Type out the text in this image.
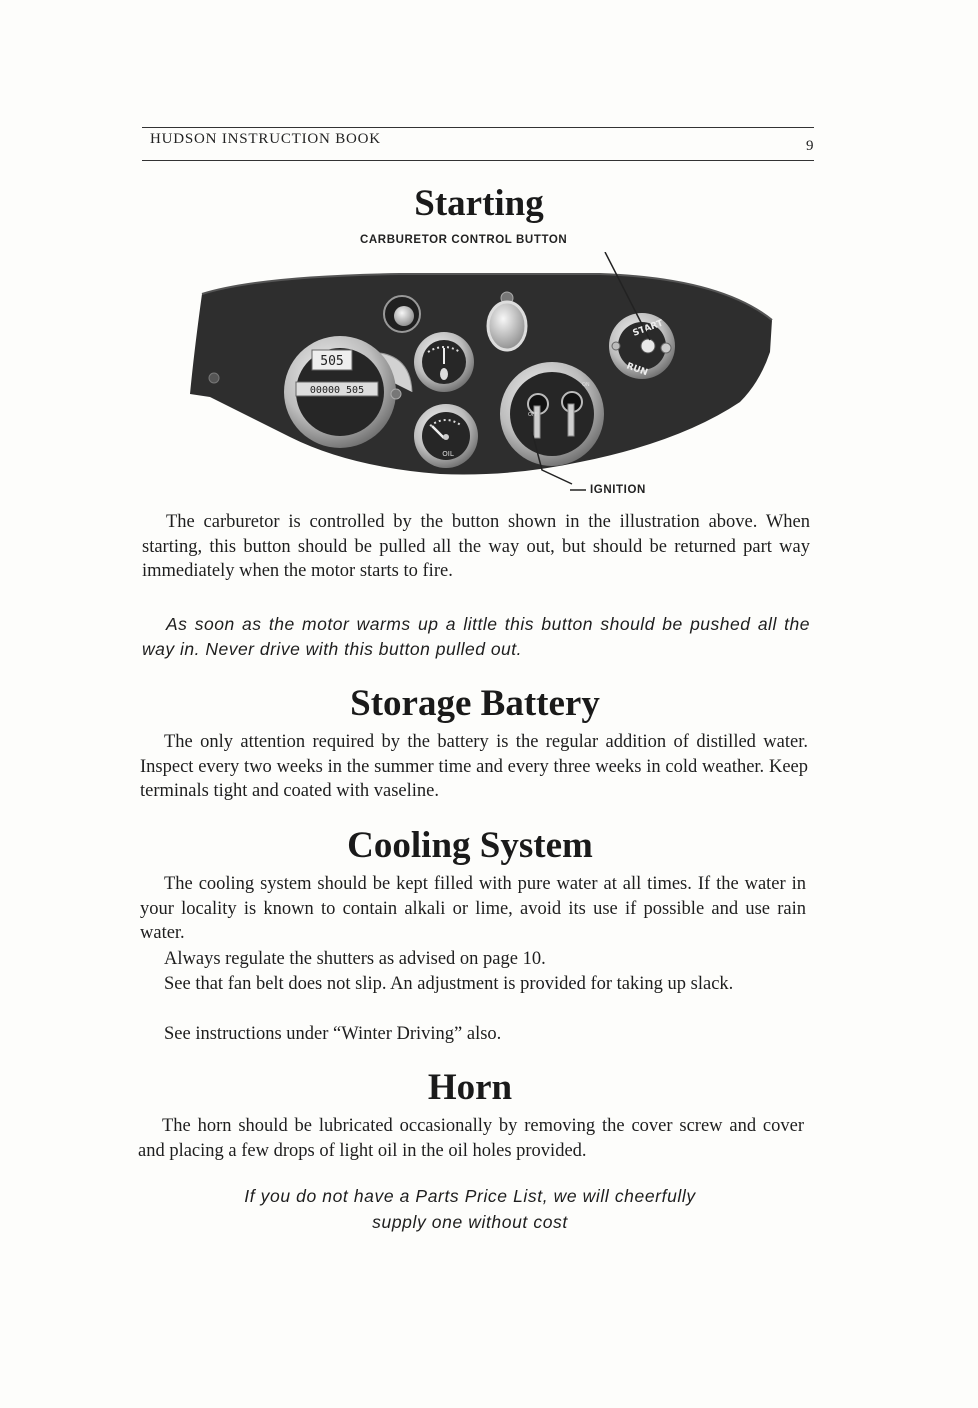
HUDSON INSTRUCTION BOOK	9
Starting
CARBURETOR CONTROL BUTTON
505
00000 505
OIL
OFF
ON
START
RUN
IGNITION

The carburetor is controlled by the button shown in the illustration above. When starting, this button should be pulled all the way out, but should be returned part way immediately when the motor starts to fire.

As soon as the motor warms up a little this button should be pushed all the way in. Never drive with this button pulled out.

Storage Battery

The only attention required by the battery is the regular addition of distilled water. Inspect every two weeks in the summer time and every three weeks in cold weather. Keep terminals tight and coated with vaseline.

Cooling System

The cooling system should be kept filled with pure water at all times. If the water in your locality is known to contain alkali or lime, avoid its use if possible and use rain water.

Always regulate the shutters as advised on page 10.

See that fan belt does not slip. An adjustment is provided for taking up slack.

See instructions under “Winter Driving” also.

Horn

The horn should be lubricated occasionally by removing the cover screw and cover and placing a few drops of light oil in the oil holes provided.

If you do not have a Parts Price List, we will cheerfully

supply one without cost
